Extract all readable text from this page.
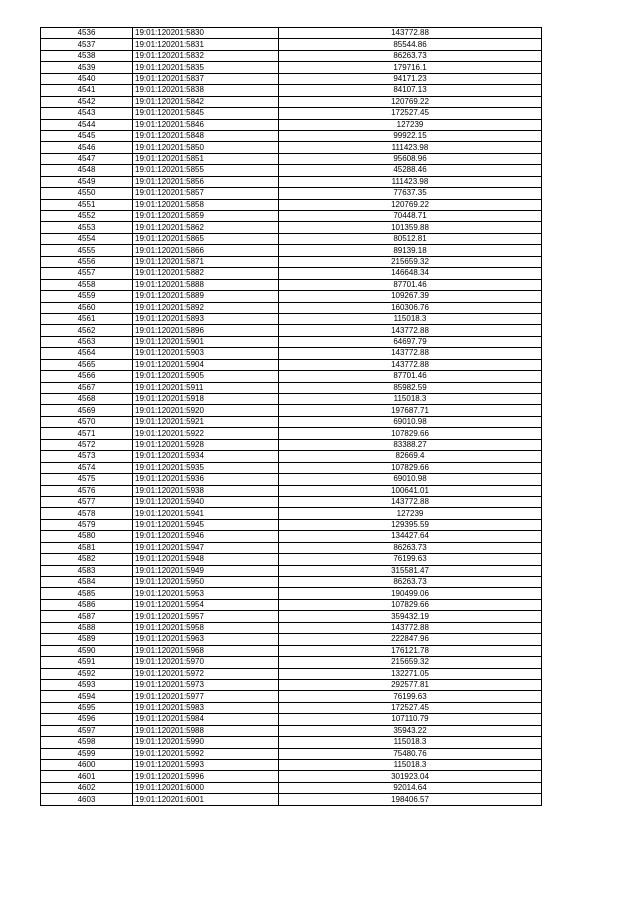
4536	19:01:120201:5830	143772.88
4537	19:01:120201:5831	85544.86
4538	19:01:120201:5832	86263.73
4539	19:01:120201:5835	179716.1
4540	19:01:120201:5837	94171.23
4541	19:01:120201:5838	84107.13
4542	19:01:120201:5842	120769.22
4543	19:01:120201:5845	172527.45
4544	19:01:120201:5846	127239
4545	19:01:120201:5848	99922.15
4546	19:01:120201:5850	111423.98
4547	19:01:120201:5851	95608.96
4548	19:01:120201:5855	45288.46
4549	19:01:120201:5856	111423.98
4550	19:01:120201:5857	77637.35
4551	19:01:120201:5858	120769.22
4552	19:01:120201:5859	70448.71
4553	19:01:120201:5862	101359.88
4554	19:01:120201:5865	80512.81
4555	19:01:120201:5866	89139.18
4556	19:01:120201:5871	215659.32
4557	19:01:120201:5882	146648.34
4558	19:01:120201:5888	87701.46
4559	19:01:120201:5889	109267.39
4560	19:01:120201:5892	160306.76
4561	19:01:120201:5893	115018.3
4562	19:01:120201:5896	143772.88
4563	19:01:120201:5901	64697.79
4564	19:01:120201:5903	143772.88
4565	19:01:120201:5904	143772.88
4566	19:01:120201:5905	87701.46
4567	19:01:120201:5911	85982.59
4568	19:01:120201:5918	115018.3
4569	19:01:120201:5920	197687.71
4570	19:01:120201:5921	69010.98
4571	19:01:120201:5922	107829.66
4572	19:01:120201:5928	83388.27
4573	19:01:120201:5934	82669.4
4574	19:01:120201:5935	107829.66
4575	19:01:120201:5936	69010.98
4576	19:01:120201:5938	100641.01
4577	19:01:120201:5940	143772.88
4578	19:01:120201:5941	127239
4579	19:01:120201:5945	129395.59
4580	19:01:120201:5946	134427.64
4581	19:01:120201:5947	86263.73
4582	19:01:120201:5948	76199.63
4583	19:01:120201:5949	315581.47
4584	19:01:120201:5950	86263.73
4585	19:01:120201:5953	190499.06
4586	19:01:120201:5954	107829.66
4587	19:01:120201:5957	359432.19
4588	19:01:120201:5958	143772.88
4589	19:01:120201:5963	222847.96
4590	19:01:120201:5968	176121.78
4591	19:01:120201:5970	215659.32
4592	19:01:120201:5972	132271.05
4593	19:01:120201:5973	292577.81
4594	19:01:120201:5977	76199.63
4595	19:01:120201:5983	172527.45
4596	19:01:120201:5984	107110.79
4597	19:01:120201:5988	35943.22
4598	19:01:120201:5990	115018.3
4599	19:01:120201:5992	75480.76
4600	19:01:120201:5993	115018.3
4601	19:01:120201:5996	301923.04
4602	19:01:120201:6000	92014.64
4603	19:01:120201:6001	198406.57
